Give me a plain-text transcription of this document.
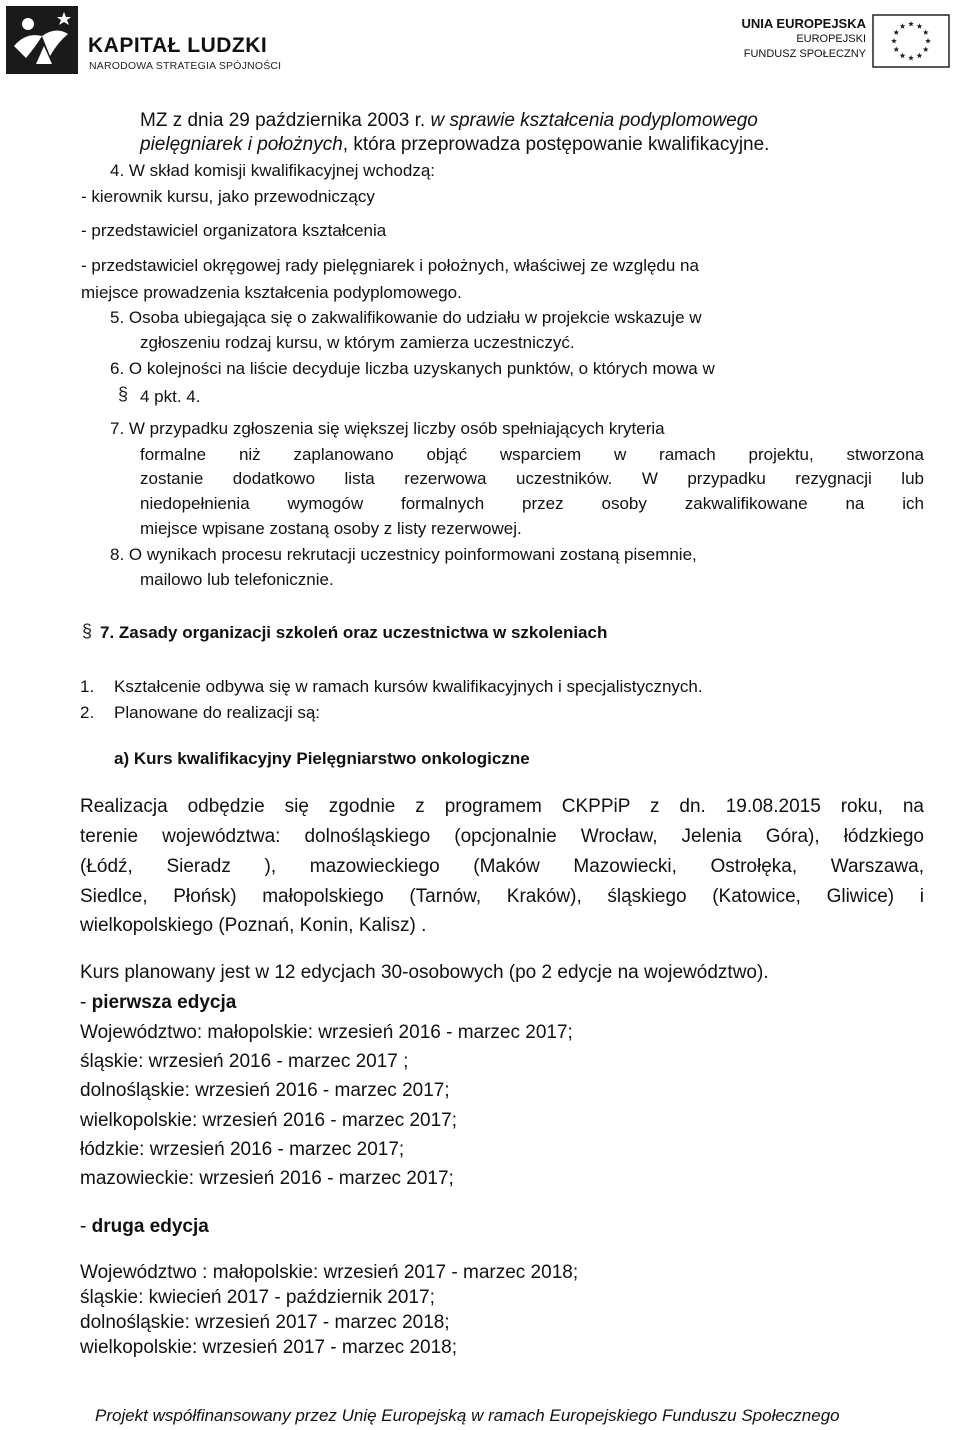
KAPITAŁ LUDZKI
NARODOWA STRATEGIA SPÓJNOŚCI
UNIA EUROPEJSKA
EUROPEJSKI
FUNDUSZ SPOŁECZNY
MZ z dnia 29 października 2003 r. w sprawie kształcenia podyplomowego
pielęgniarek i położnych, która przeprowadza postępowanie kwalifikacyjne.
4. W skład komisji kwalifikacyjnej wchodzą:
- kierownik kursu, jako przewodniczący
- przedstawiciel organizatora kształcenia
- przedstawiciel okręgowej rady pielęgniarek i położnych, właściwej ze względu na
miejsce prowadzenia kształcenia podyplomowego.
5. Osoba ubiegająca się o zakwalifikowanie do udziału w projekcie wskazuje w
zgłoszeniu rodzaj kursu, w którym zamierza uczestniczyć.
6. O kolejności na liście decyduje liczba uzyskanych punktów, o których mowa w
§ 4 pkt. 4.
7. W przypadku zgłoszenia się większej liczby osób spełniających kryteria
formalne niż zaplanowano objąć wsparciem w ramach projektu, stworzona
zostanie dodatkowo lista rezerwowa uczestników. W przypadku rezygnacji lub
niedopełnienia wymogów formalnych przez osoby zakwalifikowane na ich
miejsce wpisane zostaną osoby z listy rezerwowej.
8. O wynikach procesu rekrutacji uczestnicy poinformowani zostaną pisemnie,
mailowo lub telefonicznie.
§ 7. Zasady organizacji szkoleń oraz uczestnictwa w szkoleniach
1. Kształcenie odbywa się w ramach kursów kwalifikacyjnych i specjalistycznych.
2. Planowane do realizacji są:
a) Kurs kwalifikacyjny Pielęgniarstwo onkologiczne
Realizacja odbędzie się zgodnie z programem CKPPiP z dn. 19.08.2015 roku, na
terenie województwa: dolnośląskiego (opcjonalnie Wrocław, Jelenia Góra), łódzkiego
(Łódź, Sieradz ), mazowieckiego (Maków Mazowiecki, Ostrołęka, Warszawa,
Siedlce, Płońsk) małopolskiego (Tarnów, Kraków), śląskiego (Katowice, Gliwice) i
wielkopolskiego (Poznań, Konin, Kalisz) .
Kurs planowany jest w 12 edycjach 30-osobowych (po 2 edycje na województwo).
- pierwsza edycja
Województwo: małopolskie: wrzesień 2016 - marzec 2017;
śląskie: wrzesień 2016 - marzec 2017 ;
dolnośląskie: wrzesień 2016 - marzec 2017;
wielkopolskie: wrzesień 2016 - marzec 2017;
łódzkie: wrzesień 2016 - marzec 2017;
mazowieckie: wrzesień 2016 - marzec 2017;
- druga edycja
Województwo : małopolskie: wrzesień 2017 - marzec 2018;
śląskie: kwiecień 2017 - październik 2017;
dolnośląskie: wrzesień 2017 - marzec 2018;
wielkopolskie: wrzesień 2017 - marzec 2018;
Projekt współfinansowany przez Unię Europejską w ramach Europejskiego Funduszu Społecznego
